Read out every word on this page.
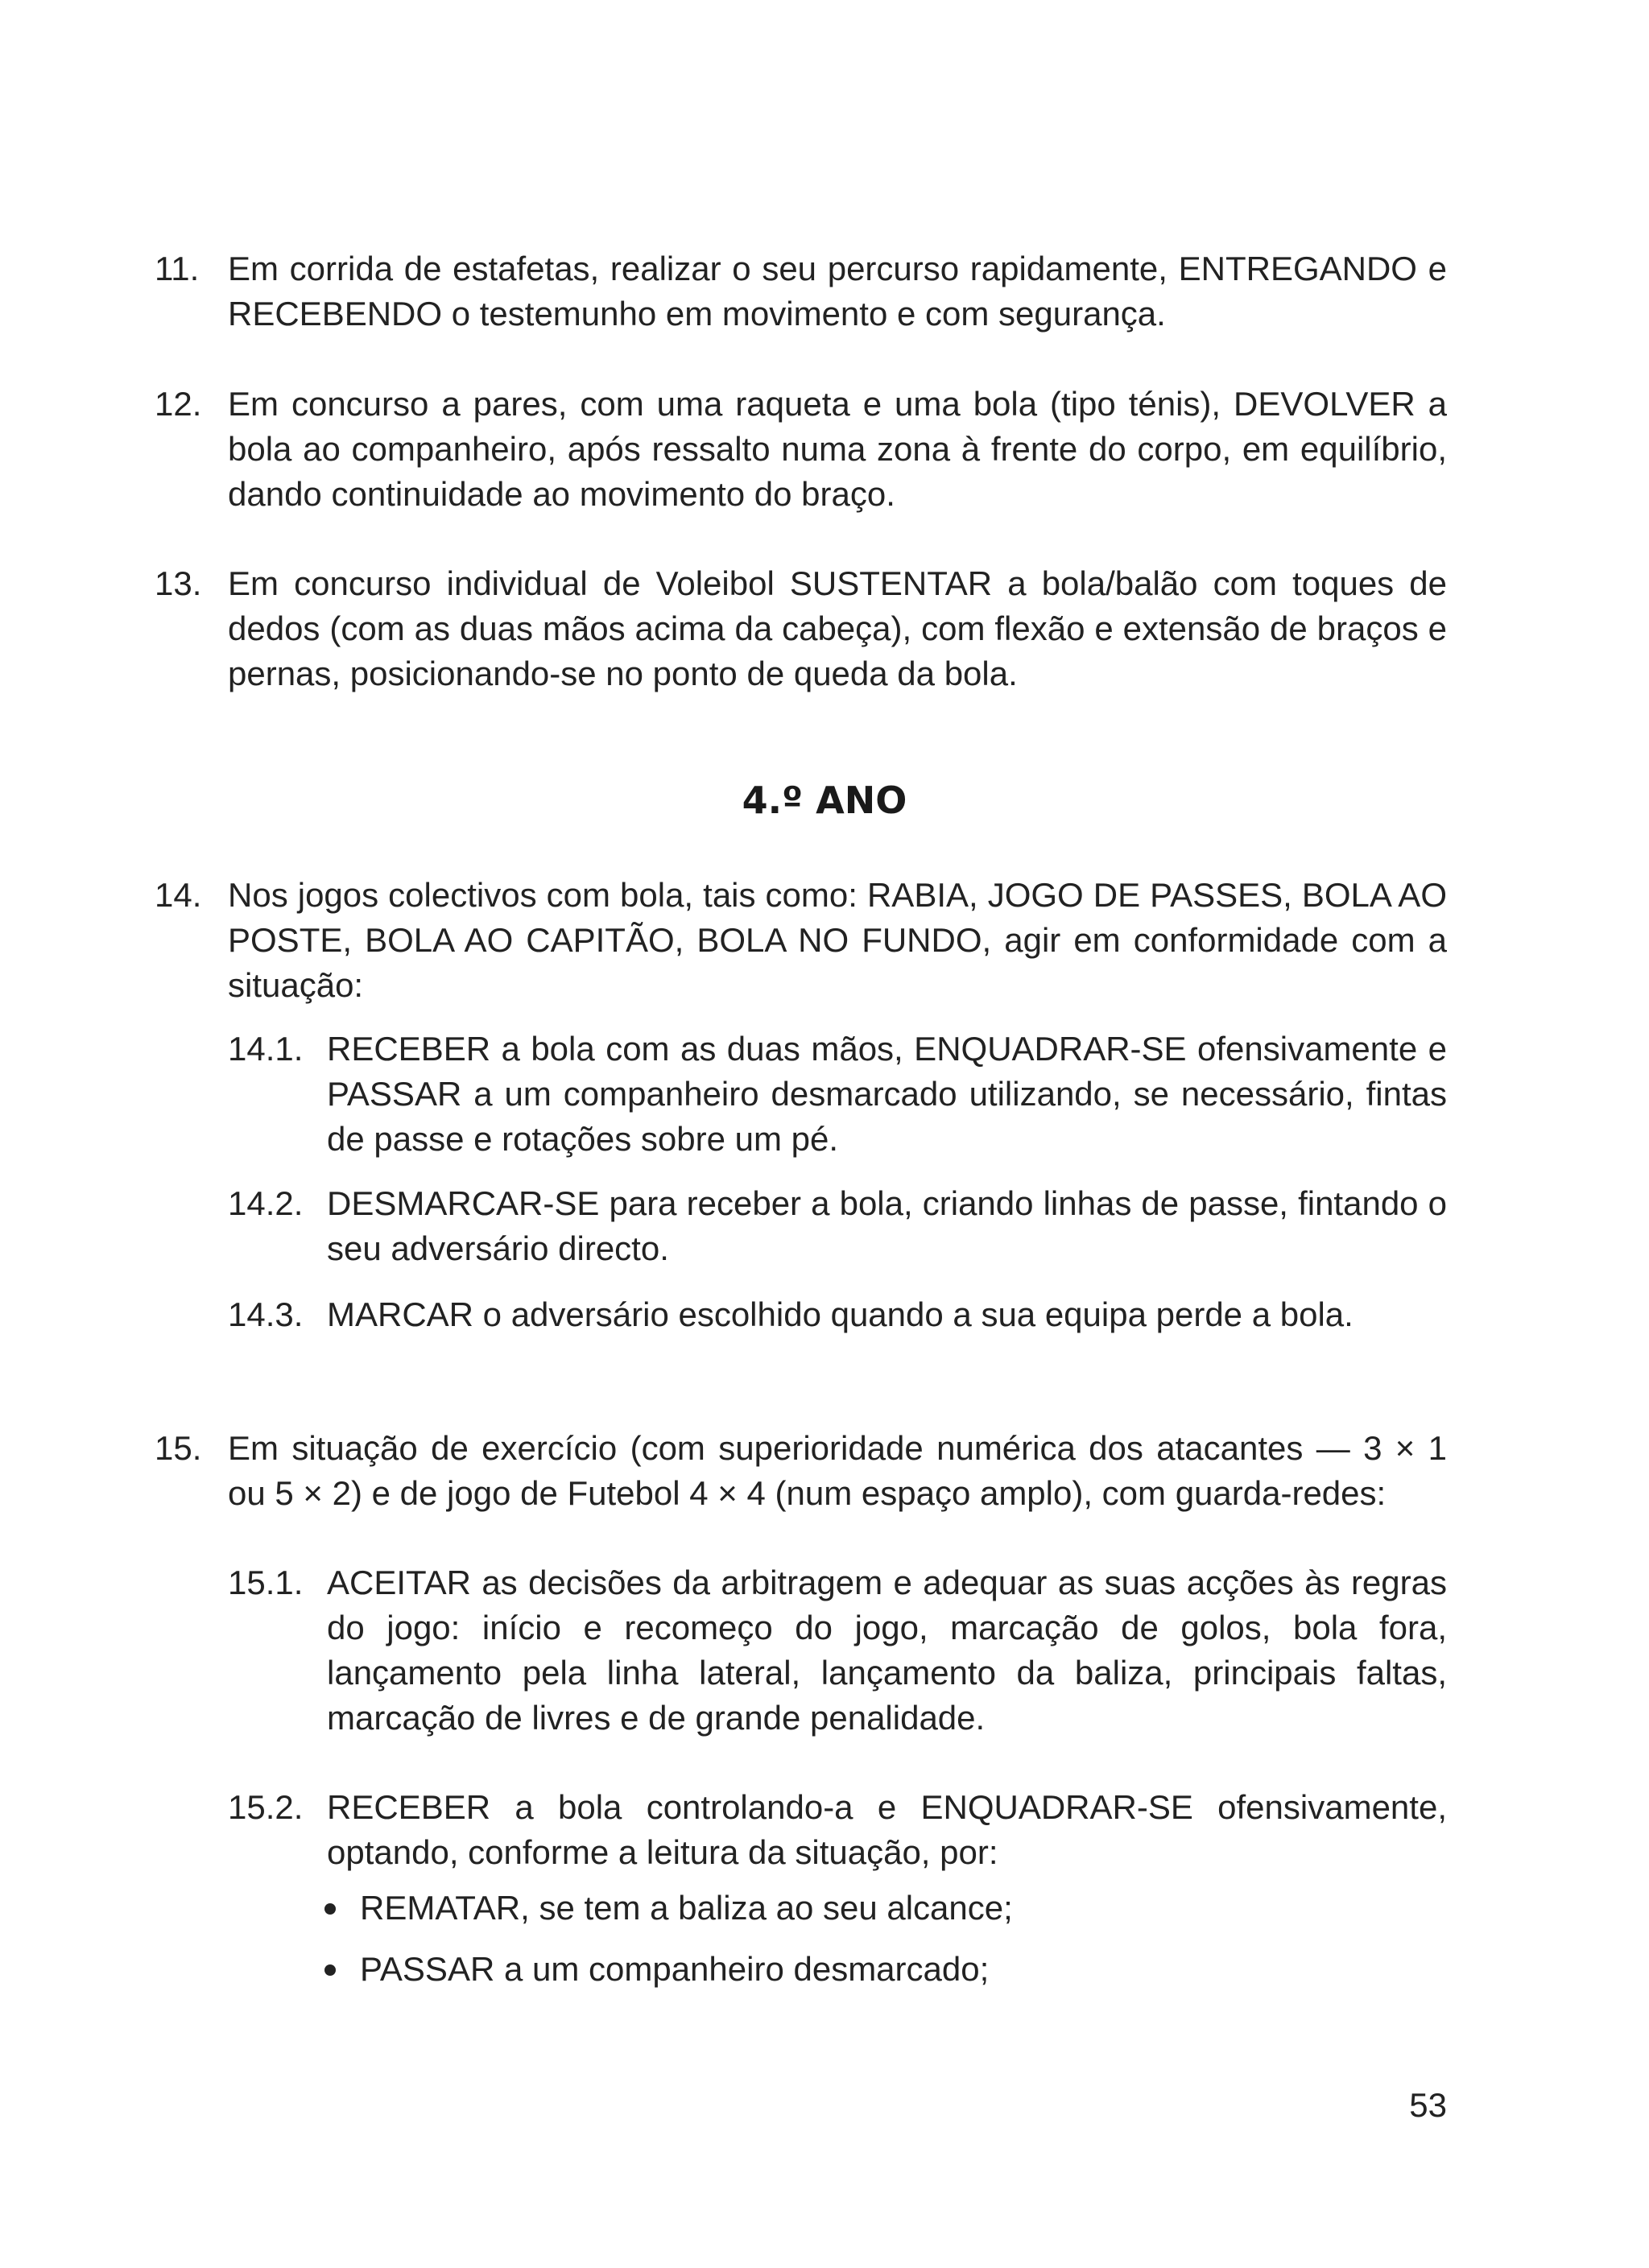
11. Em corrida de estafetas, realizar o seu percurso rapidamente, ENTREGANDO e RECEBENDO o testemunho em movimento e com segurança.
12. Em concurso a pares, com uma raqueta e uma bola (tipo ténis), DEVOLVER a bola ao companheiro, após ressalto numa zona à frente do corpo, em equilíbrio, dando continuidade ao movimento do braço.
13. Em concurso individual de Voleibol SUSTENTAR a bola/balão com toques de dedos (com as duas mãos acima da cabeça), com flexão e extensão de braços e pernas, posicionando-se no ponto de queda da bola.
4.º ANO
14. Nos jogos colectivos com bola, tais como: RABIA, JOGO DE PASSES, BOLA AO POSTE, BOLA AO CAPITÃO, BOLA NO FUNDO, agir em conformidade com a situação:
14.1. RECEBER a bola com as duas mãos, ENQUADRAR-SE ofensivamente e PASSAR a um companheiro desmarcado utilizando, se necessário, fintas de passe e rotações sobre um pé.
14.2. DESMARCAR-SE para receber a bola, criando linhas de passe, fintando o seu adversário directo.
14.3. MARCAR o adversário escolhido quando a sua equipa perde a bola.
15. Em situação de exercício (com superioridade numérica dos atacantes — 3 × 1 ou 5 × 2) e de jogo de Futebol 4 × 4 (num espaço amplo), com guarda-redes:
15.1. ACEITAR as decisões da arbitragem e adequar as suas acções às regras do jogo: início e recomeço do jogo, marcação de golos, bola fora, lançamento pela linha lateral, lançamento da baliza, principais faltas, marcação de livres e de grande penalidade.
15.2. RECEBER a bola controlando-a e ENQUADRAR-SE ofensivamente, optando, conforme a leitura da situação, por:
REMATAR, se tem a baliza ao seu alcance;
PASSAR a um companheiro desmarcado;
53
